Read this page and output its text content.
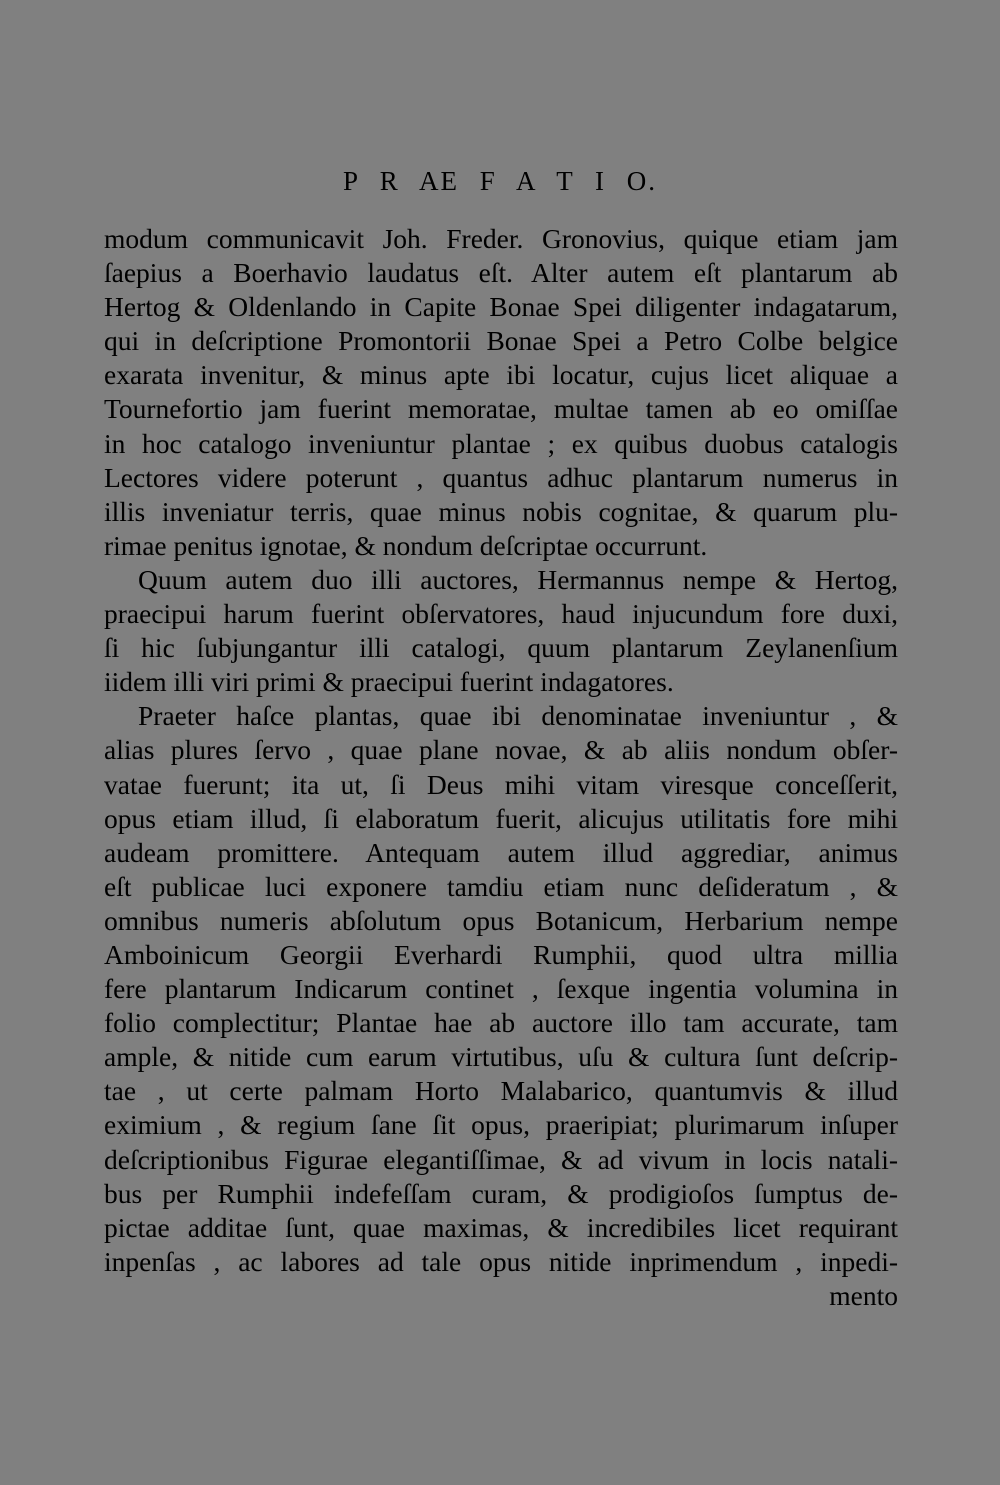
P R AE F A T I O.
modum communicavit Joh. Freder. Gronovius, quique etiam jam
ſaepius a Boerhavio laudatus eſt. Alter autem eſt plantarum ab
Hertog & Oldenlando in Capite Bonae Spei diligenter indagatarum,
qui in deſcriptione Promontorii Bonae Spei a Petro Colbe belgice
exarata invenitur, & minus apte ibi locatur, cujus licet aliquae a
Tournefortio jam fuerint memoratae, multae tamen ab eo omiſſae
in hoc catalogo inveniuntur plantae ; ex quibus duobus catalogis
Lectores videre poterunt , quantus adhuc plantarum numerus in
illis inveniatur terris, quae minus nobis cognitae, & quarum plu-
rimae penitus ignotae, & nondum deſcriptae occurrunt.
Quum autem duo illi auctores, Hermannus nempe & Hertog,
praecipui harum fuerint obſervatores, haud injucundum fore duxi,
ſi hic ſubjungantur illi catalogi, quum plantarum Zeylanenſium
iidem illi viri primi & praecipui fuerint indagatores.
Praeter haſce plantas, quae ibi denominatae inveniuntur , &
alias plures ſervo , quae plane novae, & ab aliis nondum obſer-
vatae fuerunt; ita ut, ſi Deus mihi vitam viresque conceſſerit,
opus etiam illud, ſi elaboratum fuerit, alicujus utilitatis fore mihi
audeam promittere. Antequam autem illud aggrediar, animus
eſt publicae luci exponere tamdiu etiam nunc deſideratum , &
omnibus numeris abſolutum opus Botanicum, Herbarium nempe
Amboinicum Georgii Everhardi Rumphii, quod ultra millia
fere plantarum Indicarum continet , ſexque ingentia volumina in
folio complectitur; Plantae hae ab auctore illo tam accurate, tam
ample, & nitide cum earum virtutibus, uſu & cultura ſunt deſcrip-
tae , ut certe palmam Horto Malabarico, quantumvis & illud
eximium , & regium ſane ſit opus, praeripiat; plurimarum inſuper
deſcriptionibus Figurae elegantiſſimae, & ad vivum in locis natali-
bus per Rumphii indefeſſam curam, & prodigioſos ſumptus de-
pictae additae ſunt, quae maximas, & incredibiles licet requirant
inpenſas , ac labores ad tale opus nitide inprimendum , inpedi-
mento
